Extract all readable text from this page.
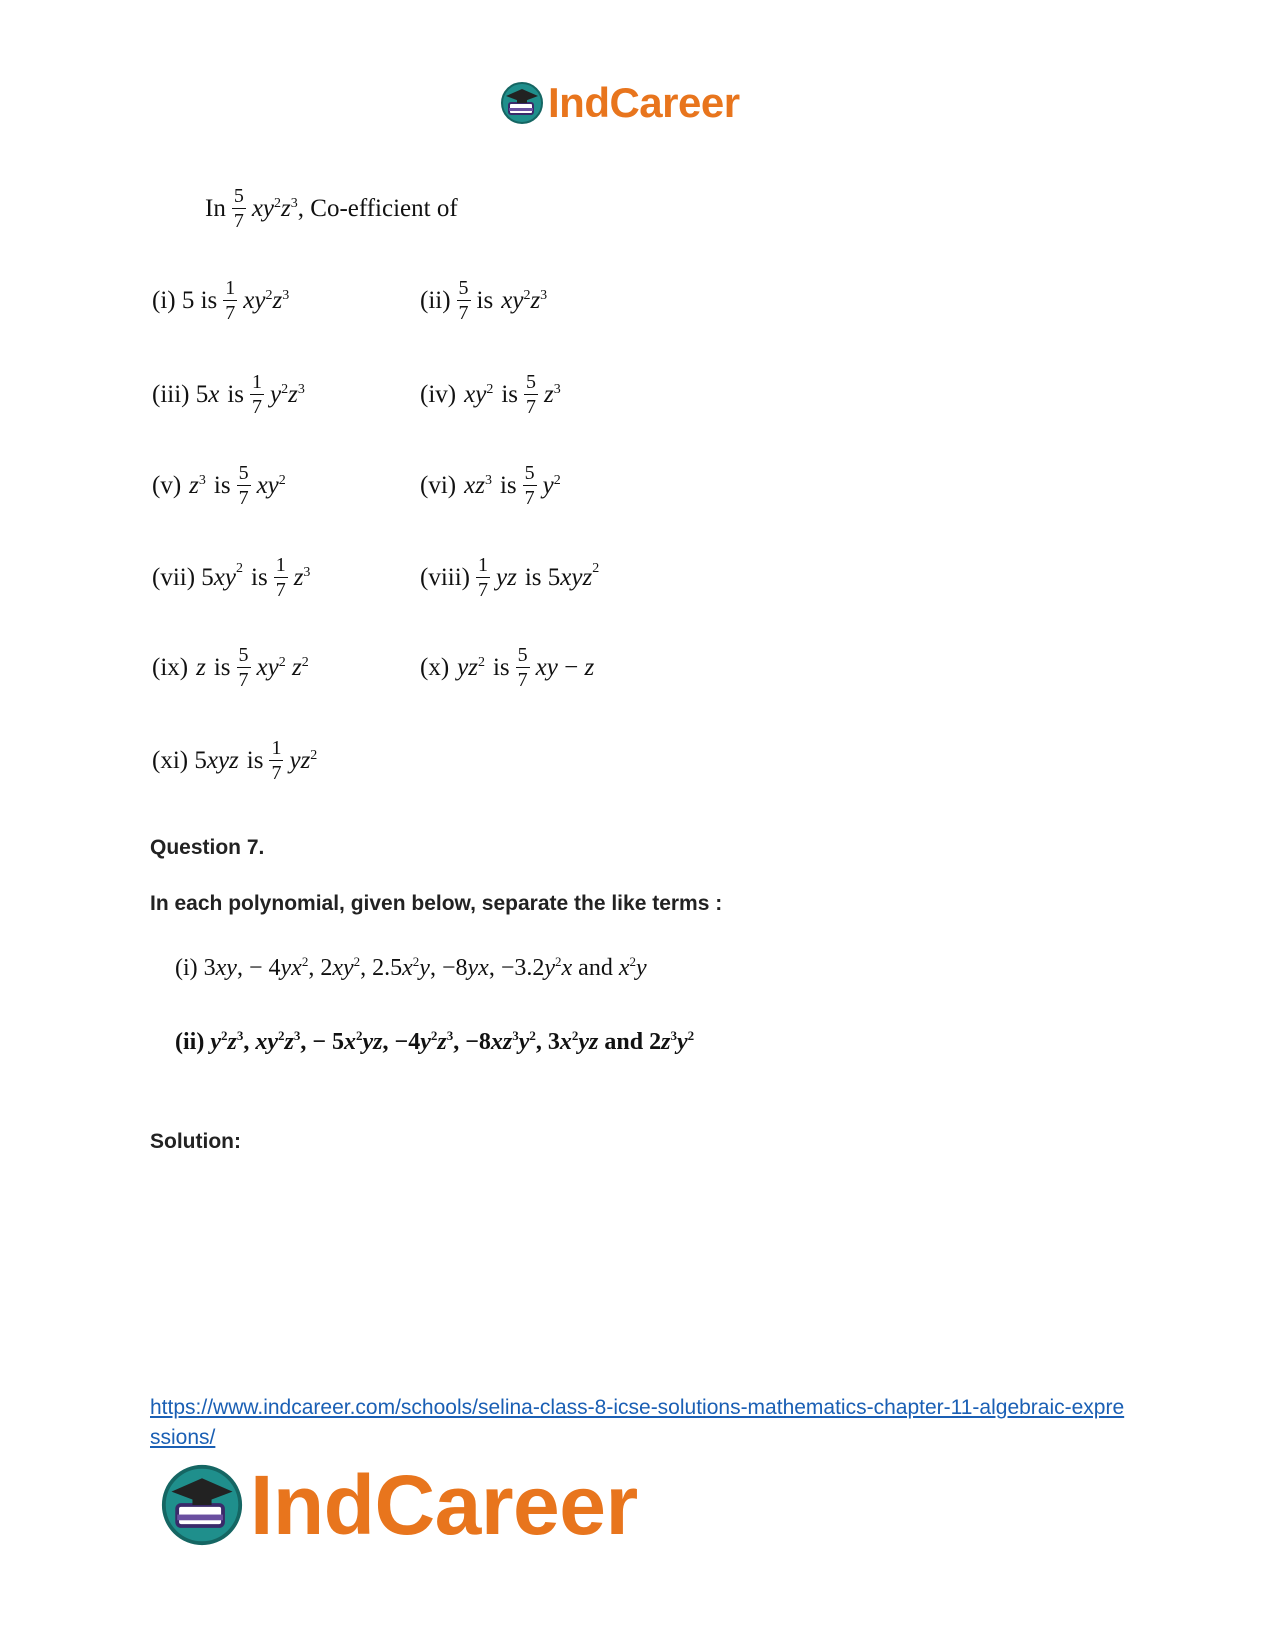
IndCareer
In $\frac{5}{7} xy^2z^3$ , Co-efficient of
(i) 5 is $\frac{1}{7} xy^2z^3$	$(ii) \frac{5}{7}$ is $xy^2z^3$
(iii) 5 x is $\frac{1}{7} y^2z^3$	(iv) $xy^2$ is $\frac{5}{7} z^3$
(v) $z^3$ is $\frac{5}{7} xy^2$	(vi) $xz^3$ is $\frac{5}{7} y^2$
(vii) 5 $xy^2$ is $\frac{1}{7} z^3$	(viii) $\frac{1}{7}$ yz is 5 xyz$^2$
(ix) z is $\frac{5}{7} xy^2$ $z^2$	(x) $yz^2$ is $\frac{5}{7}$ xy − z
(xi) 5 xyz is $\frac{1}{7} yz^2$
Question 7.
In each polynomial, given below, separate the like terms :
(i) 3xy, − $4yx^2$, $2xy^2$, $2.5x^2y$, −8yx, $-3.2y^2x$ and $x^2y$
(ii) $y^2z^3$, $xy^2z^3$, − $5x^2yz$, $-4y^2z^3$, $-8xz^3y^2$, $3x^2yz$ and $2z^3y^2$
Solution:
https://www.indcareer.com/schools/selina-class-8-icse-solutions-mathematics-chapter-11-algebraic-expressions/
IndCareer
